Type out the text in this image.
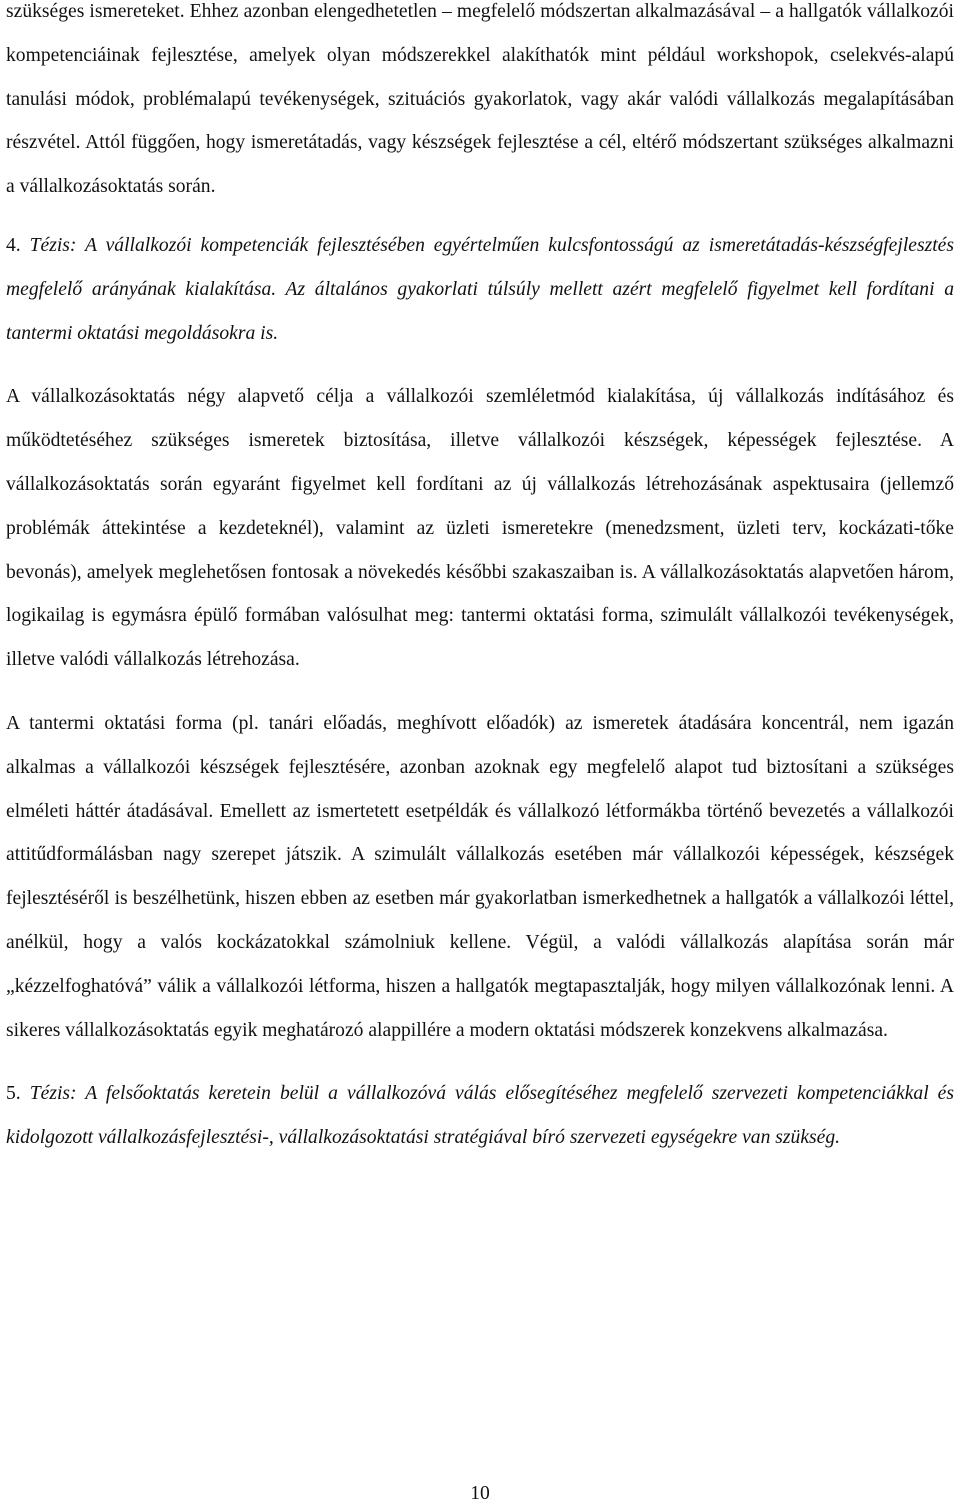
szükséges ismereteket. Ehhez azonban elengedhetetlen – megfelelő módszertan alkalmazásával – a hallgatók vállalkozói kompetenciáinak fejlesztése, amelyek olyan módszerekkel alakíthatók mint például workshopok, cselekvés-alapú tanulási módok, problémalapú tevékenységek, szituációs gyakorlatok, vagy akár valódi vállalkozás megalapításában részvétel. Attól függően, hogy ismeretátadás, vagy készségek fejlesztése a cél, eltérő módszertant szükséges alkalmazni a vállalkozásoktatás során.

4. Tézis: A vállalkozói kompetenciák fejlesztésében egyértelműen kulcsfontosságú az ismeretátadás-készségfejlesztés megfelelő arányának kialakítása. Az általános gyakorlati túlsúly mellett azért megfelelő figyelmet kell fordítani a tantermi oktatási megoldásokra is.

A vállalkozásoktatás négy alapvető célja a vállalkozói szemléletmód kialakítása, új vállalkozás indításához és működtetéséhez szükséges ismeretek biztosítása, illetve vállalkozói készségek, képességek fejlesztése. A vállalkozásoktatás során egyaránt figyelmet kell fordítani az új vállalkozás létrehozásának aspektusaira (jellemző problémák áttekintése a kezdeteknél), valamint az üzleti ismeretekre (menedzsment, üzleti terv, kockázati-tőke bevonás), amelyek meglehetősen fontosak a növekedés későbbi szakaszaiban is. A vállalkozásoktatás alapvetően három, logikailag is egymásra épülő formában valósulhat meg: tantermi oktatási forma, szimulált vállalkozói tevékenységek, illetve valódi vállalkozás létrehozása.

A tantermi oktatási forma (pl. tanári előadás, meghívott előadók) az ismeretek átadására koncentrál, nem igazán alkalmas a vállalkozói készségek fejlesztésére, azonban azoknak egy megfelelő alapot tud biztosítani a szükséges elméleti háttér átadásával. Emellett az ismertetett esetpéldák és vállalkozó létformákba történő bevezetés a vállalkozói attitűdformálásban nagy szerepet játszik. A szimulált vállalkozás esetében már vállalkozói képességek, készségek fejlesztéséről is beszélhetünk, hiszen ebben az esetben már gyakorlatban ismerkedhetnek a hallgatók a vállalkozói léttel, anélkül, hogy a valós kockázatokkal számolniuk kellene. Végül, a valódi vállalkozás alapítása során már „kézzelfoghatóvá” válik a vállalkozói létforma, hiszen a hallgatók megtapasztalják, hogy milyen vállalkozónak lenni. A sikeres vállalkozásoktatás egyik meghatározó alappillére a modern oktatási módszerek konzekvens alkalmazása.

5. Tézis: A felsőoktatás keretein belül a vállalkozóvá válás elősegítéséhez megfelelő szervezeti kompetenciákkal és kidolgozott vállalkozásfejlesztési-, vállalkozásoktatási stratégiával bíró szervezeti egységekre van szükség.

10
